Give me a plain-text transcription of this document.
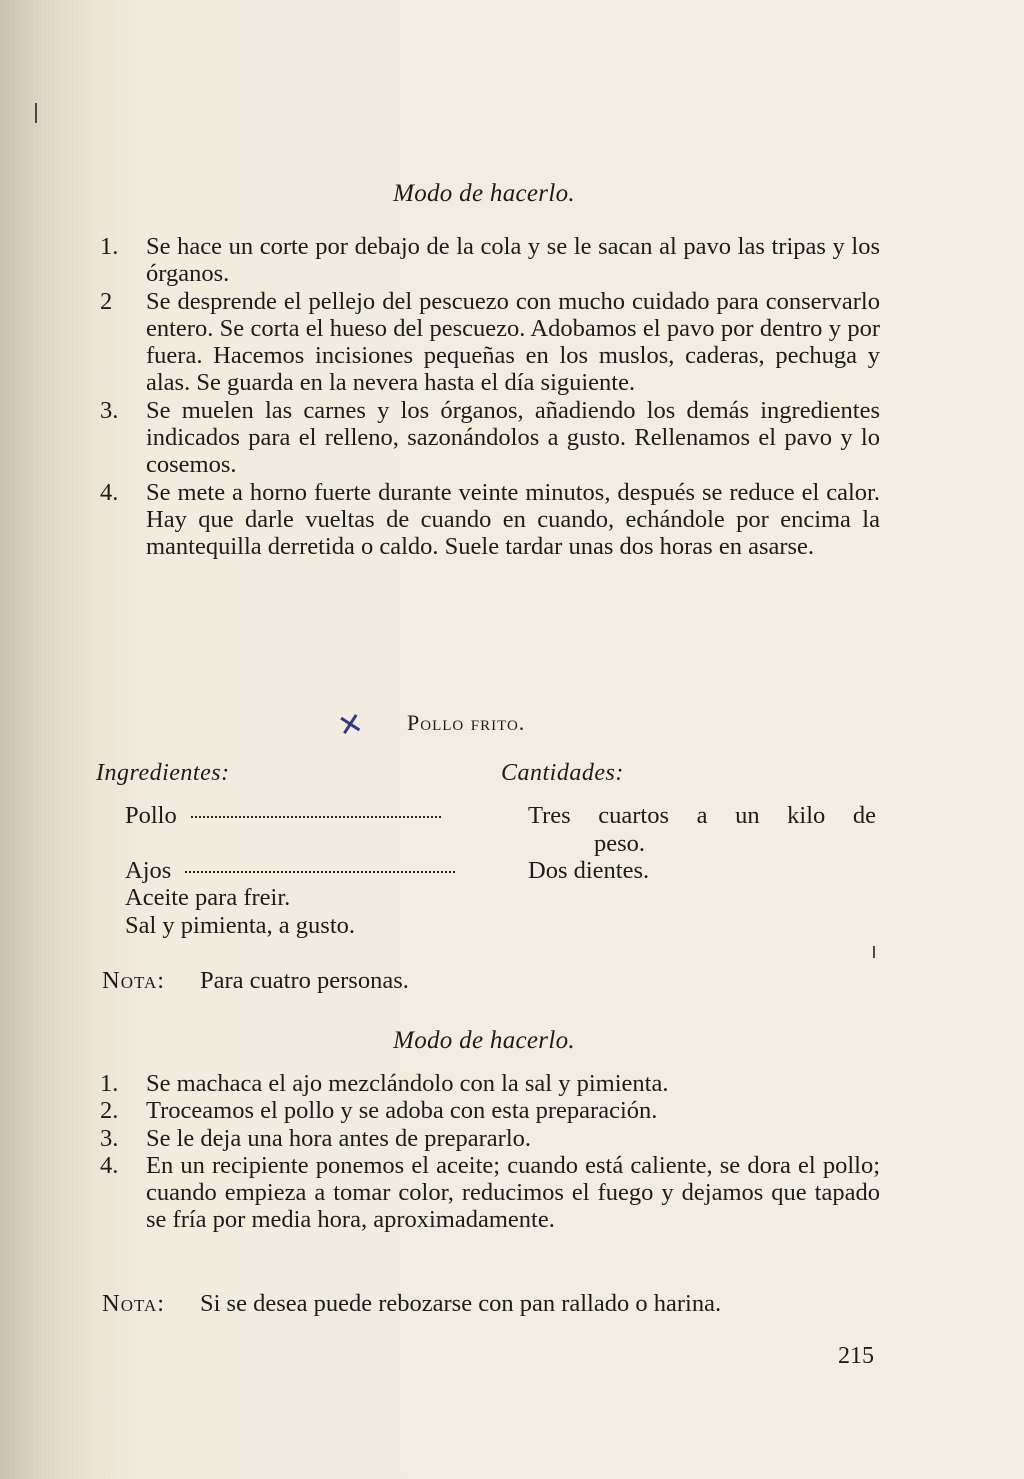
Modo de hacerlo.
1. Se hace un corte por debajo de la cola y se le sacan al pavo las tripas y los órganos.
2 Se desprende el pellejo del pescuezo con mucho cuidado para conservarlo entero. Se corta el hueso del pescuezo. Adobamos el pavo por dentro y por fuera. Hacemos incisiones pequeñas en los muslos, caderas, pechuga y alas. Se guarda en la nevera hasta el día siguiente.
3. Se muelen las carnes y los órganos, añadiendo los demás ingredientes indicados para el relleno, sazonándolos a gusto. Rellenamos el pavo y lo cosemos.
4. Se mete a horno fuerte durante veinte minutos, después se reduce el calor. Hay que darle vueltas de cuando en cuando, echándole por encima la mantequilla derretida o caldo. Suele tardar unas dos horas en asarse.
✕ Pollo frito.
Ingredientes:	Cantidades:
Pollo	Tres cuartos a un kilo de
peso.
Ajos	Dos dientes.
Aceite para freir.
Sal y pimienta, a gusto.
Nota: Para cuatro personas.
Modo de hacerlo.
1. Se machaca el ajo mezclándolo con la sal y pimienta.
2. Troceamos el pollo y se adoba con esta preparación.
3. Se le deja una hora antes de prepararlo.
4. En un recipiente ponemos el aceite; cuando está caliente, se dora el pollo; cuando empieza a tomar color, reducimos el fuego y dejamos que tapado se fría por media hora, aproximadamente.
Nota: Si se desea puede rebozarse con pan rallado o harina.
215
